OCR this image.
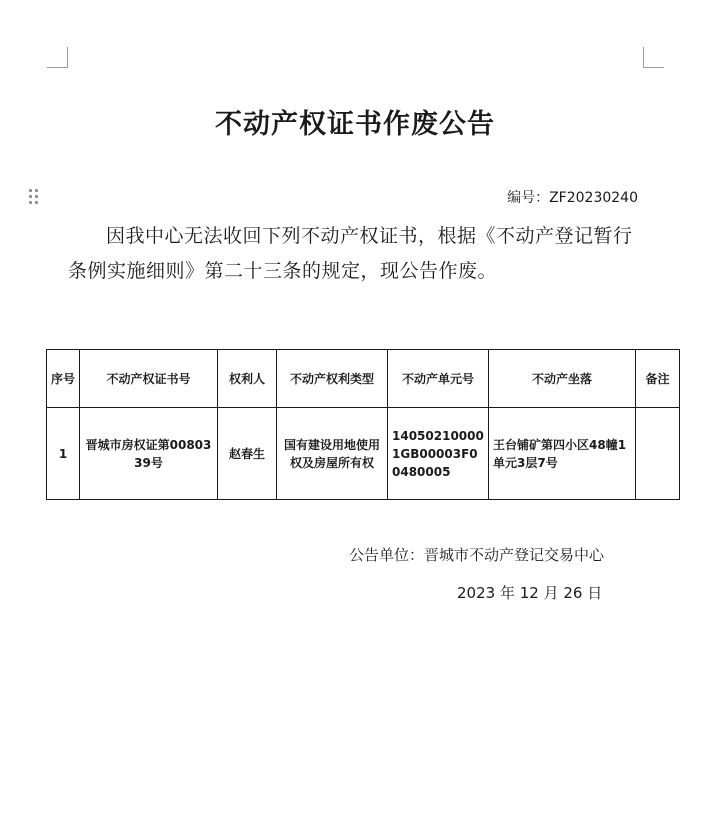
不动产权证书作废公告
编号：ZF20230240
因我中心无法收回下列不动产权证书，根据《不动产登记暂行条例实施细则》第二十三条的规定，现公告作废。
序号	不动产权证书号	权利人	不动产权利类型	不动产单元号	不动产坐落	备注
1	晋城市房权证第0080339号	赵春生	国有建设用地使用权及房屋所有权	140502100001GB00003F00480005	王台铺矿第四小区48幢1单元3层7号	
公告单位：晋城市不动产登记交易中心
2023 年 12 月 26 日
